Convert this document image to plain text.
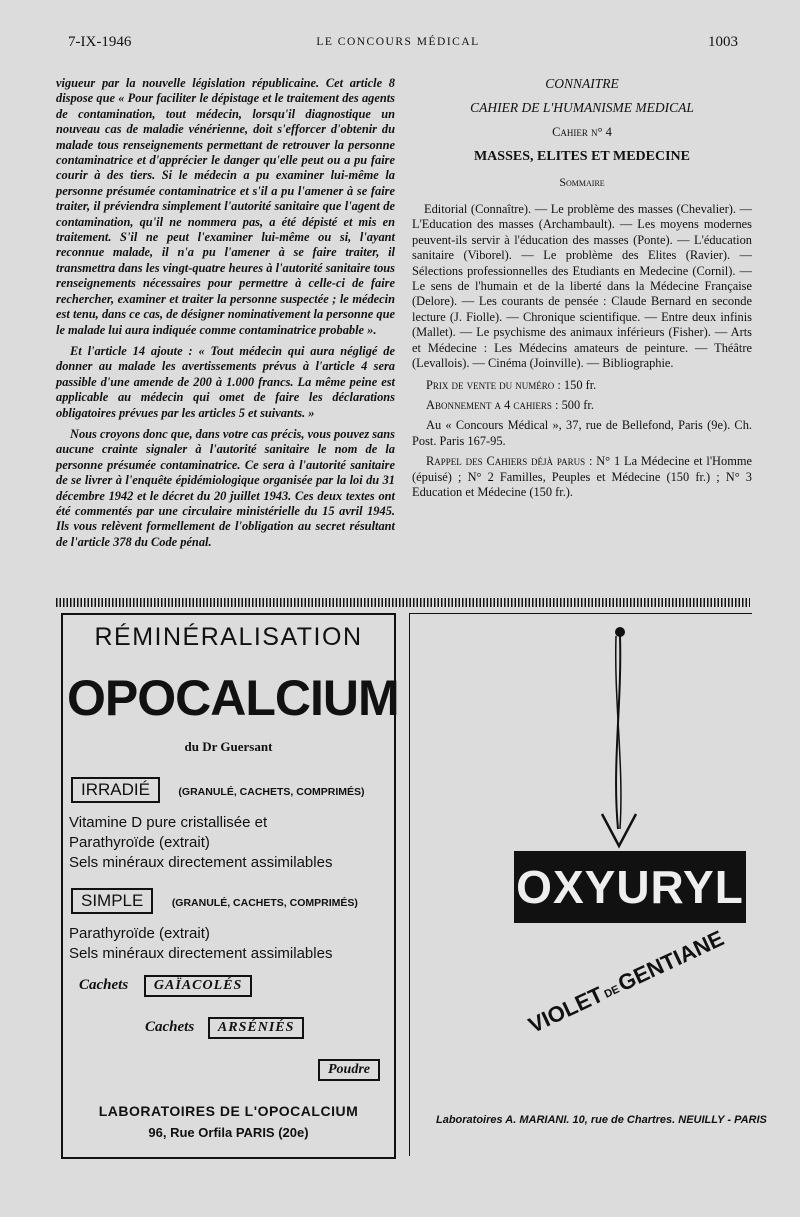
7-IX-1946	LE CONCOURS MÉDICAL	1003

vigueur par la nouvelle législation républicaine. Cet article 8 dispose que « Pour faciliter le dépistage et le traitement des agents de contamination, tout médecin, lorsqu'il diagnostique un nouveau cas de maladie vénérienne, doit s'efforcer d'obtenir du malade tous renseignements permettant de retrouver la personne contaminatrice et d'apprécier le danger qu'elle peut ou a pu faire courir à des tiers. Si le médecin a pu examiner lui-même la personne présumée contaminatrice et s'il a pu l'amener à se faire traiter, il préviendra simplement l'autorité sanitaire que l'agent de contamination, qu'il ne nommera pas, a été dépisté et mis en traitement. S'il ne peut l'examiner lui-même ou si, l'ayant reconnue malade, il n'a pu l'amener à se faire traiter, il transmettra dans les vingt-quatre heures à l'autorité sanitaire tous renseignements nécessaires pour permettre à celle-ci de faire rechercher, examiner et traiter la personne suspectée ; le médecin est tenu, dans ce cas, de désigner nominativement la personne que le malade lui aura indiquée comme contaminatrice probable ».

Et l'article 14 ajoute : « Tout médecin qui aura négligé de donner au malade les avertissements prévus à l'article 4 sera passible d'une amende de 200 à 1.000 francs. La même peine est applicable au médecin qui omet de faire les déclarations obligatoires prévues par les articles 5 et suivants. »

Nous croyons donc que, dans votre cas précis, vous pouvez sans aucune crainte signaler à l'autorité sanitaire le nom de la personne présumée contaminatrice. Ce sera à l'autorité sanitaire de se livrer à l'enquête épidémiologique organisée par la loi du 31 décembre 1942 et le décret du 20 juillet 1943. Ces deux textes ont été commentés par une circulaire ministérielle du 15 avril 1945. Ils vous relèvent formellement de l'obligation au secret résultant de l'article 378 du Code pénal.

CONNAITRE
CAHIER DE L'HUMANISME MEDICAL
Cahier n° 4
MASSES, ELITES ET MEDECINE
Sommaire

Editorial (Connaître). — Le problème des masses (Chevalier). — L'Education des masses (Archambault). — Les moyens modernes peuvent-ils servir à l'éducation des masses (Ponte). — L'éducation sanitaire (Viborel). — Le problème des Elites (Ravier). — Sélections professionnelles des Etudiants en Medecine (Cornil). — Le sens de l'humain et de la liberté dans la Médecine Française (Delore). — Les courants de pensée : Claude Bernard en seconde lecture (J. Fiolle). — Chronique scientifique. — Entre deux infinis (Mallet). — Le psychisme des animaux inférieurs (Fisher). — Arts et Médecine : Les Médecins amateurs de peinture. — Théâtre (Levallois). — Cinéma (Joinville). — Bibliographie.

Prix de vente du numéro : 150 fr.

Abonnement a 4 cahiers : 500 fr.

Au « Concours Médical », 37, rue de Bellefond, Paris (9e). Ch. Post. Paris 167-95.

Rappel des Cahiers déjà parus : N° 1 La Médecine et l'Homme (épuisé) ; N° 2 Familles, Peuples et Médecine (150 fr.) ; N° 3 Education et Médecine (150 fr.).

RÉMINÉRALISATION
OPOCALCIUM
du Dr Guersant
IRRADIÉ	(GRANULÉ, CACHETS, COMPRIMÉS)
Vitamine D pure cristallisée et
Parathyroïde (extrait)
Sels minéraux directement assimilables
SIMPLE	(GRANULÉ, CACHETS, COMPRIMÉS)
Parathyroïde (extrait)
Sels minéraux directement assimilables
Cachets GAÏACOLÉS
Cachets ARSÉNIÉS
Poudre
LABORATOIRES DE L'OPOCALCIUM
96, Rue Orfila PARIS (20e)
OXYURYL
VIOLETDEGENTIANE
Laboratoires A. MARIANI. 10, rue de Chartres. NEUILLY - PARIS
